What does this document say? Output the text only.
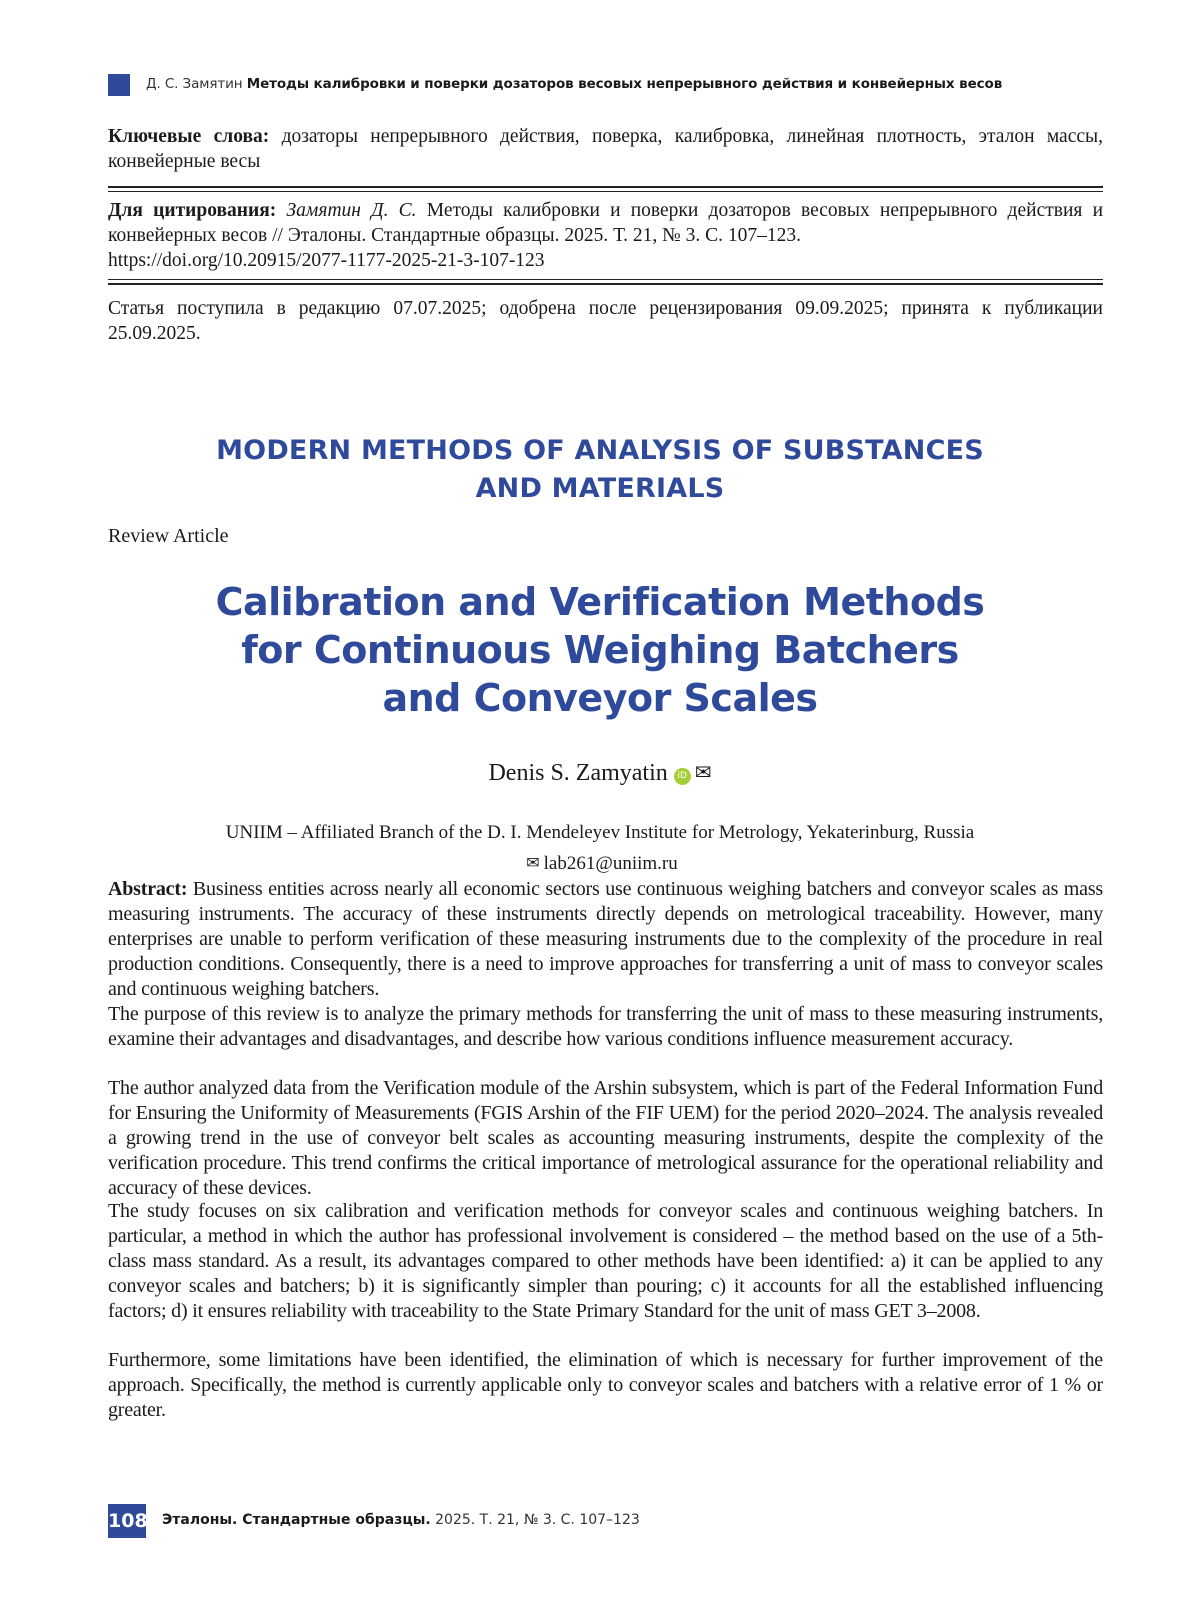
Д. С. Замятин Методы калибровки и поверки дозаторов весовых непрерывного действия и конвейерных весов
Ключевые слова: дозаторы непрерывного действия, поверка, калибровка, линейная плотность, эталон массы, конвейерные весы
Для цитирования: Замятин Д. С. Методы калибровки и поверки дозаторов весовых непрерывного действия и конвейерных весов // Эталоны. Стандартные образцы. 2025. Т. 21, № 3. С. 107–123.
https://doi.org/10.20915/2077-1177-2025-21-3-107-123
Статья поступила в редакцию 07.07.2025; одобрена после рецензирования 09.09.2025; принята к публикации 25.09.2025.
MODERN METHODS OF ANALYSIS OF SUBSTANCES
AND MATERIALS
Review Article
Calibration and Verification Methods
for Continuous Weighing Batchers
and Conveyor Scales
Denis S. Zamyatin iD ✉
UNIIM – Affiliated Branch of the D. I. Mendeleyev Institute for Metrology, Yekaterinburg, Russia
✉ lab261@uniim.ru
Abstract: Business entities across nearly all economic sectors use continuous weighing batchers and conveyor scales as mass measuring instruments. The accuracy of these instruments directly depends on metrological traceability. However, many enterprises are unable to perform verification of these measuring instruments due to the complexity of the procedure in real production conditions. Consequently, there is a need to improve approaches for transferring a unit of mass to conveyor scales and continuous weighing batchers.
The purpose of this review is to analyze the primary methods for transferring the unit of mass to these measuring instruments, examine their advantages and disadvantages, and describe how various conditions influence measurement accuracy.
The author analyzed data from the Verification module of the Arshin subsystem, which is part of the Federal Information Fund for Ensuring the Uniformity of Measurements (FGIS Arshin of the FIF UEM) for the period 2020–2024. The analysis revealed a growing trend in the use of conveyor belt scales as accounting measuring instruments, despite the complexity of the verification procedure. This trend confirms the critical importance of metrological assurance for the operational reliability and accuracy of these devices.
The study focuses on six calibration and verification methods for conveyor scales and continuous weighing batchers. In particular, a method in which the author has professional involvement is considered – the method based on the use of a 5th-class mass standard. As a result, its advantages compared to other methods have been identified: a) it can be applied to any conveyor scales and batchers; b) it is significantly simpler than pouring; c) it accounts for all the established influencing factors; d) it ensures reliability with traceability to the State Primary Standard for the unit of mass GET 3–2008.
Furthermore, some limitations have been identified, the elimination of which is necessary for further improvement of the approach. Specifically, the method is currently applicable only to conveyor scales and batchers with a relative error of 1 % or greater.
108 Эталоны. Стандартные образцы. 2025. Т. 21, № 3. С. 107–123
